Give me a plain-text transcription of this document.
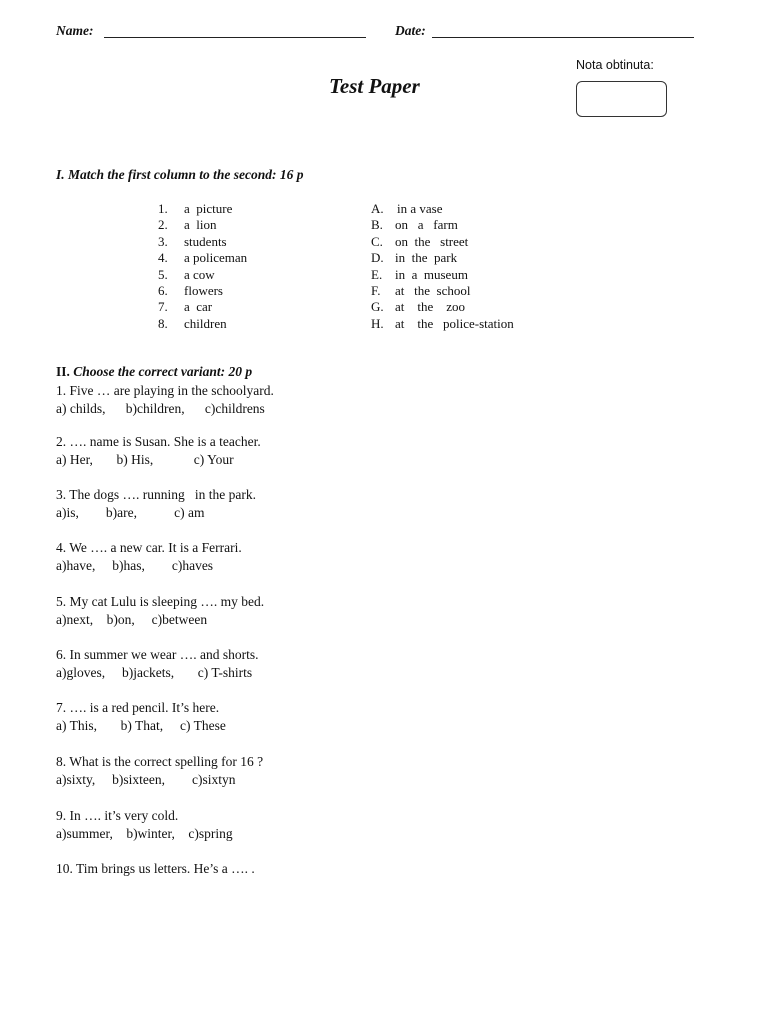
Name:	Date:
Test Paper
Nota obtinuta:
I. Match the first column to the second: 16 p
1. a  picture
2. a  lion
3. students
4. a policeman
5. a cow
6. flowers
7. a  car
8. children
A. in a vase
B. on   a   farm
C. on  the   street
D. in  the  park
E. in  a  museum
F. at   the  school
G. at    the    zoo
H. at    the   police-station
II. Choose the correct variant: 20 p
1. Five … are playing in the schoolyard.
a) childs,      b)children,      c)childrens
2. …. name is Susan. She is a teacher.
a) Her,       b) His,            c) Your
3. The dogs …. running   in the park.
a)is,        b)are,           c) am
4. We …. a new car. It is a Ferrari.
a)have,     b)has,        c)haves
5. My cat Lulu is sleeping …. my bed.
a)next,    b)on,     c)between
6. In summer we wear …. and shorts.
a)gloves,     b)jackets,       c) T-shirts
7. …. is a red pencil. It’s here.
a) This,       b) That,     c) These
8. What is the correct spelling for 16 ?
a)sixty,     b)sixteen,        c)sixtyn
9. In …. it’s very cold.
a)summer,    b)winter,    c)spring
10. Tim brings us letters. He’s a …. .
